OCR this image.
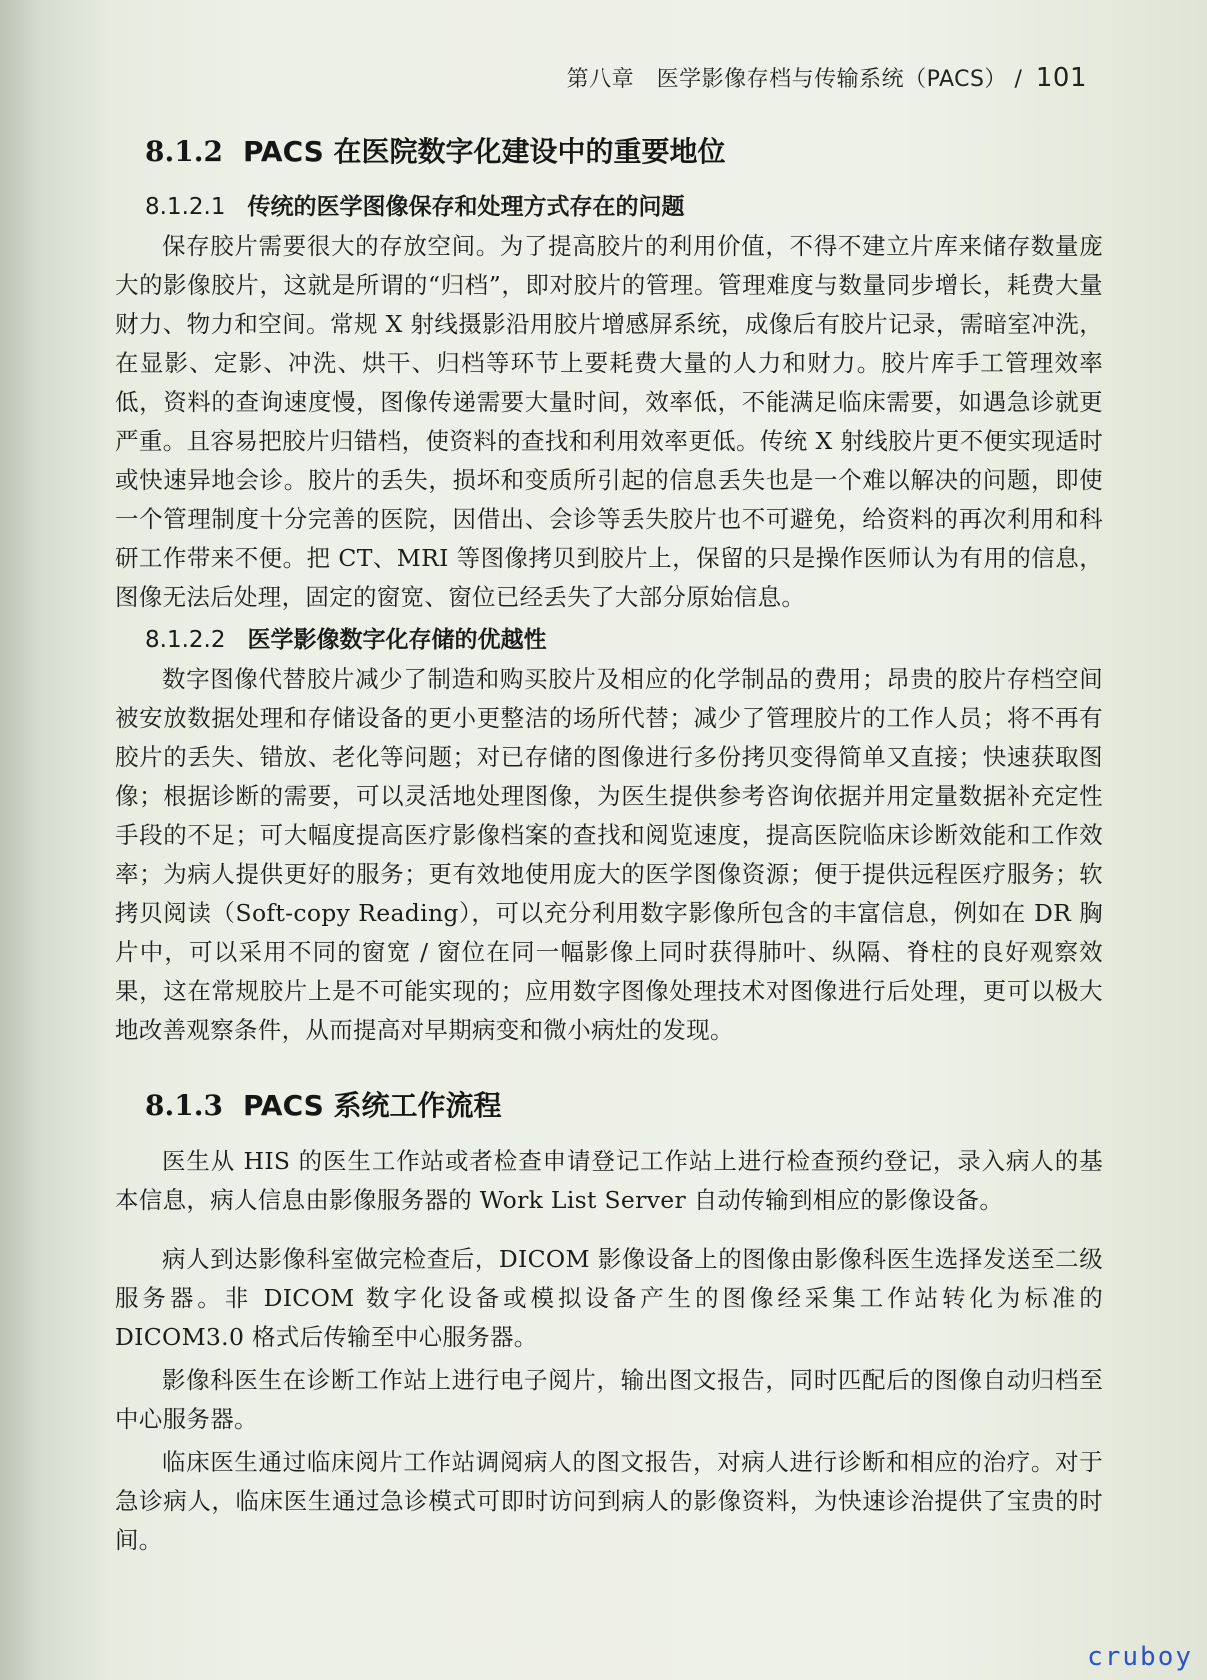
第八章　医学影像存档与传输系统（PACS） / 101
8.1.2 PACS 在医院数字化建设中的重要地位
8.1.2.1 传统的医学图像保存和处理方式存在的问题

保存胶片需要很大的存放空间。为了提高胶片的利用价值，不得不建立片库来储存数量庞大的影像胶片，这就是所谓的“归档”，即对胶片的管理。管理难度与数量同步增长，耗费大量财力、物力和空间。常规 X 射线摄影沿用胶片增感屏系统，成像后有胶片记录，需暗室冲洗，在显影、定影、冲洗、烘干、归档等环节上要耗费大量的人力和财力。胶片库手工管理效率低，资料的查询速度慢，图像传递需要大量时间，效率低，不能满足临床需要，如遇急诊就更严重。且容易把胶片归错档，使资料的查找和利用效率更低。传统 X 射线胶片更不便实现适时或快速异地会诊。胶片的丢失，损坏和变质所引起的信息丢失也是一个难以解决的问题，即使一个管理制度十分完善的医院，因借出、会诊等丢失胶片也不可避免，给资料的再次利用和科研工作带来不便。把 CT、MRI 等图像拷贝到胶片上，保留的只是操作医师认为有用的信息，图像无法后处理，固定的窗宽、窗位已经丢失了大部分原始信息。

8.1.2.2 医学影像数字化存储的优越性

数字图像代替胶片减少了制造和购买胶片及相应的化学制品的费用；昂贵的胶片存档空间被安放数据处理和存储设备的更小更整洁的场所代替；减少了管理胶片的工作人员；将不再有胶片的丢失、错放、老化等问题；对已存储的图像进行多份拷贝变得简单又直接；快速获取图像；根据诊断的需要，可以灵活地处理图像，为医生提供参考咨询依据并用定量数据补充定性手段的不足；可大幅度提高医疗影像档案的查找和阅览速度，提高医院临床诊断效能和工作效率；为病人提供更好的服务；更有效地使用庞大的医学图像资源；便于提供远程医疗服务；软拷贝阅读（Soft-copy Reading），可以充分利用数字影像所包含的丰富信息，例如在 DR 胸片中，可以采用不同的窗宽 / 窗位在同一幅影像上同时获得肺叶、纵隔、脊柱的良好观察效果，这在常规胶片上是不可能实现的；应用数字图像处理技术对图像进行后处理，更可以极大地改善观察条件，从而提高对早期病变和微小病灶的发现。

8.1.3 PACS 系统工作流程

医生从 HIS 的医生工作站或者检查申请登记工作站上进行检查预约登记，录入病人的基本信息，病人信息由影像服务器的 Work List Server 自动传输到相应的影像设备。

病人到达影像科室做完检查后，DICOM 影像设备上的图像由影像科医生选择发送至二级服务器。非 DICOM 数字化设备或模拟设备产生的图像经采集工作站转化为标准的 DICOM3.0 格式后传输至中心服务器。

影像科医生在诊断工作站上进行电子阅片，输出图文报告，同时匹配后的图像自动归档至中心服务器。

临床医生通过临床阅片工作站调阅病人的图文报告，对病人进行诊断和相应的治疗。对于急诊病人，临床医生通过急诊模式可即时访问到病人的影像资料，为快速诊治提供了宝贵的时间。

cruboy
